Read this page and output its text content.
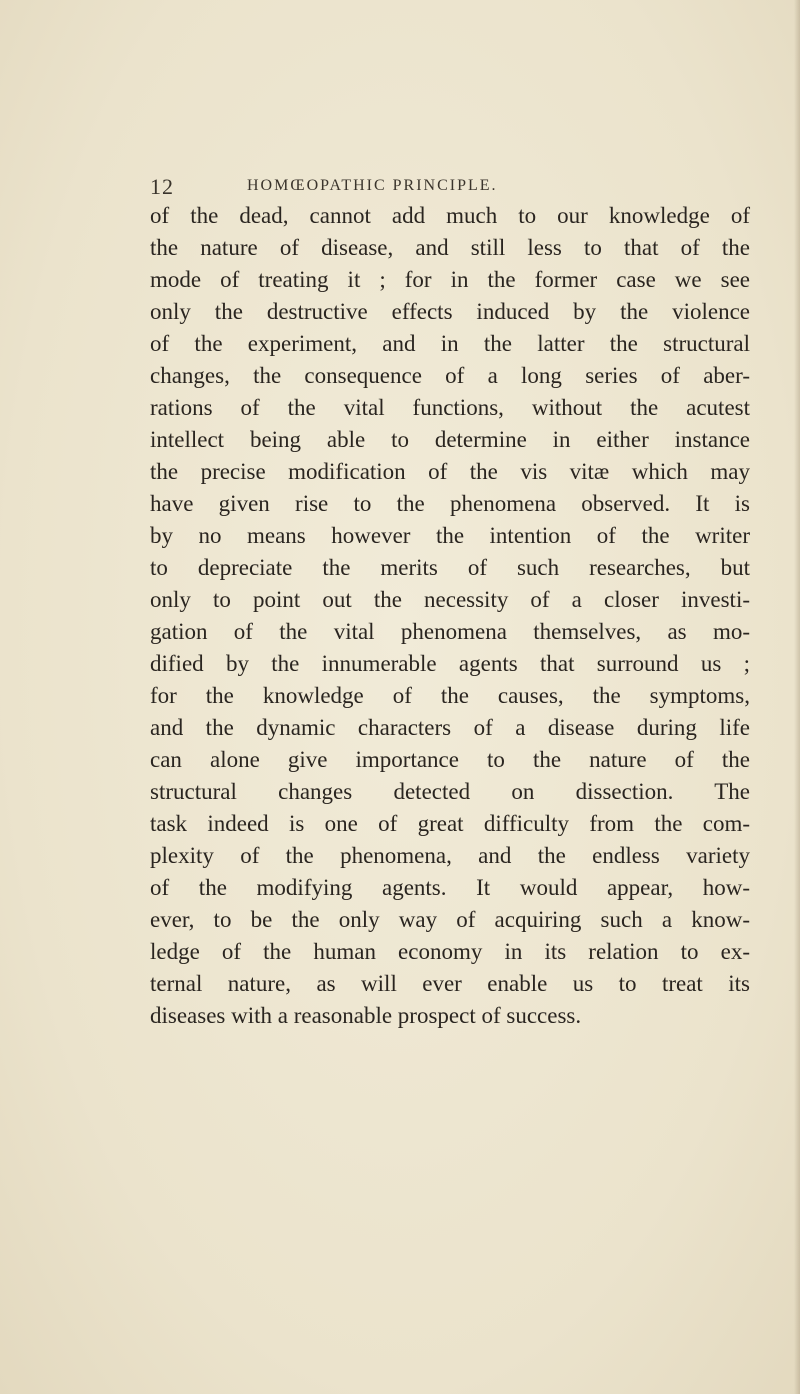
12	HOMŒOPATHIC PRINCIPLE.
of the dead, cannot add much to our knowledge of
the nature of disease, and still less to that of the
mode of treating it ; for in the former case we see
only the destructive effects induced by the violence
of the experiment, and in the latter the structural
changes, the consequence of a long series of aber-
rations of the vital functions, without the acutest
intellect being able to determine in either instance
the precise modification of the vis vitæ which may
have given rise to the phenomena observed. It is
by no means however the intention of the writer
to depreciate the merits of such researches, but
only to point out the necessity of a closer investi-
gation of the vital phenomena themselves, as mo-
dified by the innumerable agents that surround us ;
for the knowledge of the causes, the symptoms,
and the dynamic characters of a disease during life
can alone give importance to the nature of the
structural changes detected on dissection. The
task indeed is one of great difficulty from the com-
plexity of the phenomena, and the endless variety
of the modifying agents. It would appear, how-
ever, to be the only way of acquiring such a know-
ledge of the human economy in its relation to ex-
ternal nature, as will ever enable us to treat its
diseases with a reasonable prospect of success.
